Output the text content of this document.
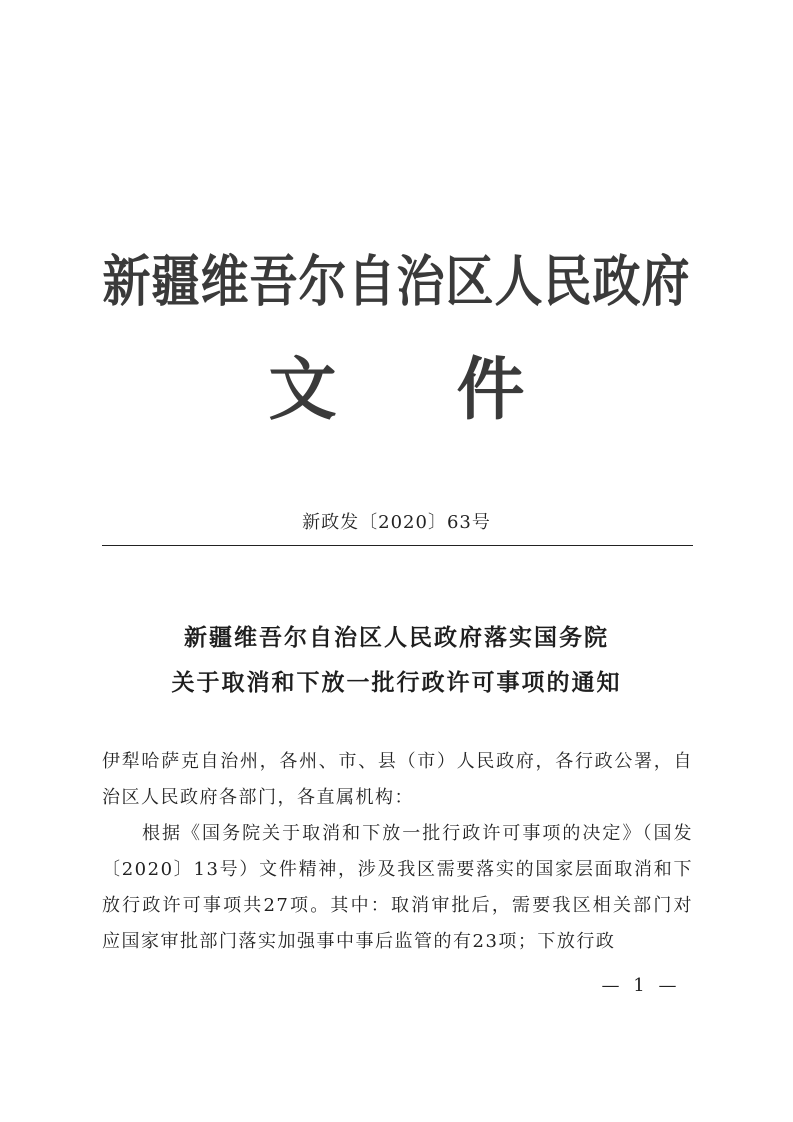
新疆维吾尔自治区人民政府
文件
新政发〔2020〕63号
新疆维吾尔自治区人民政府落实国务院
关于取消和下放一批行政许可事项的通知
伊犁哈萨克自治州，各州、市、县（市）人民政府，各行政公署，自治区人民政府各部门，各直属机构：
根据《国务院关于取消和下放一批行政许可事项的决定》（国发〔2020〕13号）文件精神，涉及我区需要落实的国家层面取消和下放行政许可事项共27项。其中：取消审批后，需要我区相关部门对应国家审批部门落实加强事中事后监管的有23项；下放行政
— 1 —
